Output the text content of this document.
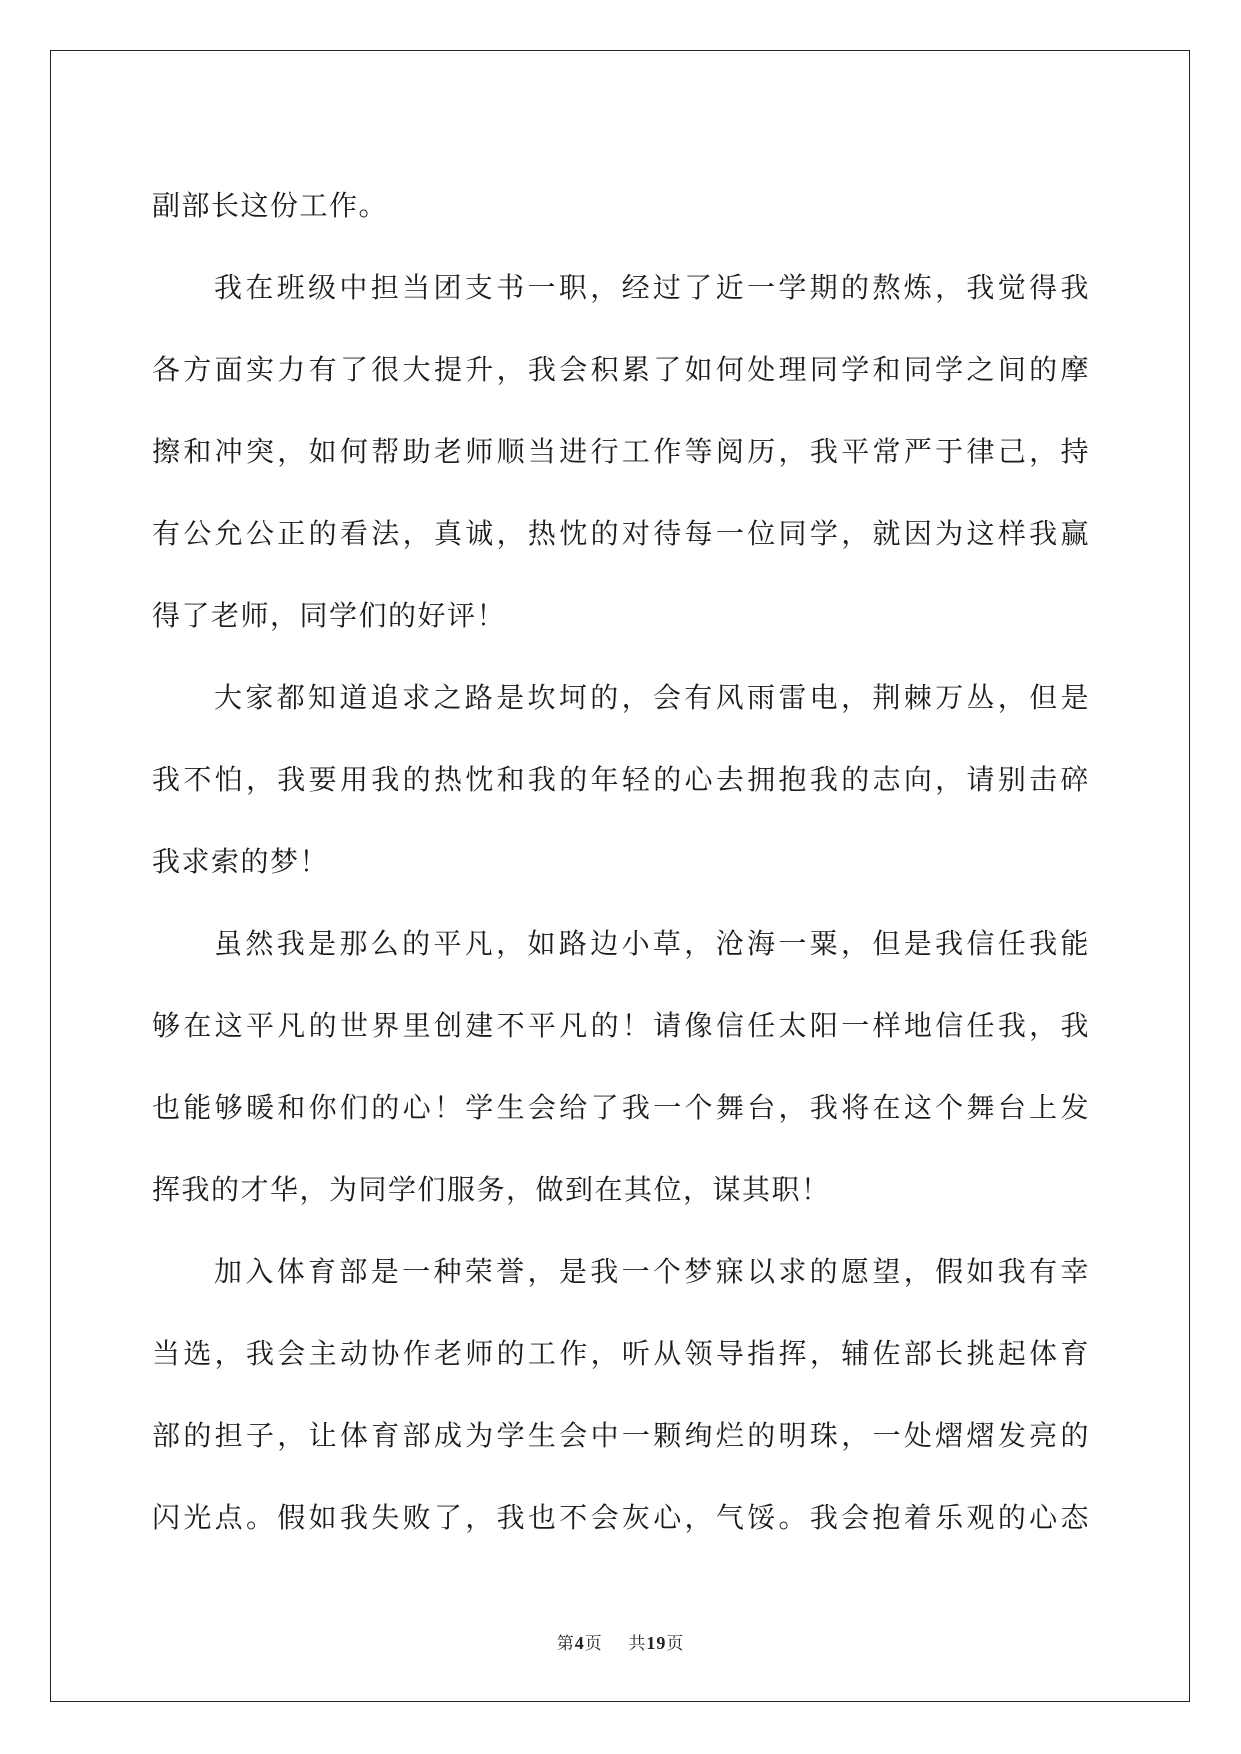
副部长这份工作。
我在班级中担当团支书一职，经过了近一学期的熬炼，我觉得我
各方面实力有了很大提升，我会积累了如何处理同学和同学之间的摩
擦和冲突，如何帮助老师顺当进行工作等阅历，我平常严于律己，持
有公允公正的看法，真诚，热忱的对待每一位同学，就因为这样我赢
得了老师，同学们的好评！
大家都知道追求之路是坎坷的，会有风雨雷电，荆棘万丛，但是
我不怕，我要用我的热忱和我的年轻的心去拥抱我的志向，请别击碎
我求索的梦！
虽然我是那么的平凡，如路边小草，沧海一粟，但是我信任我能
够在这平凡的世界里创建不平凡的！请像信任太阳一样地信任我，我
也能够暖和你们的心！学生会给了我一个舞台，我将在这个舞台上发
挥我的才华，为同学们服务，做到在其位，谋其职！
加入体育部是一种荣誉，是我一个梦寐以求的愿望，假如我有幸
当选，我会主动协作老师的工作，听从领导指挥，辅佐部长挑起体育
部的担子，让体育部成为学生会中一颗绚烂的明珠，一处熠熠发亮的
闪光点。假如我失败了，我也不会灰心，气馁。我会抱着乐观的心态
第4页 共19页
